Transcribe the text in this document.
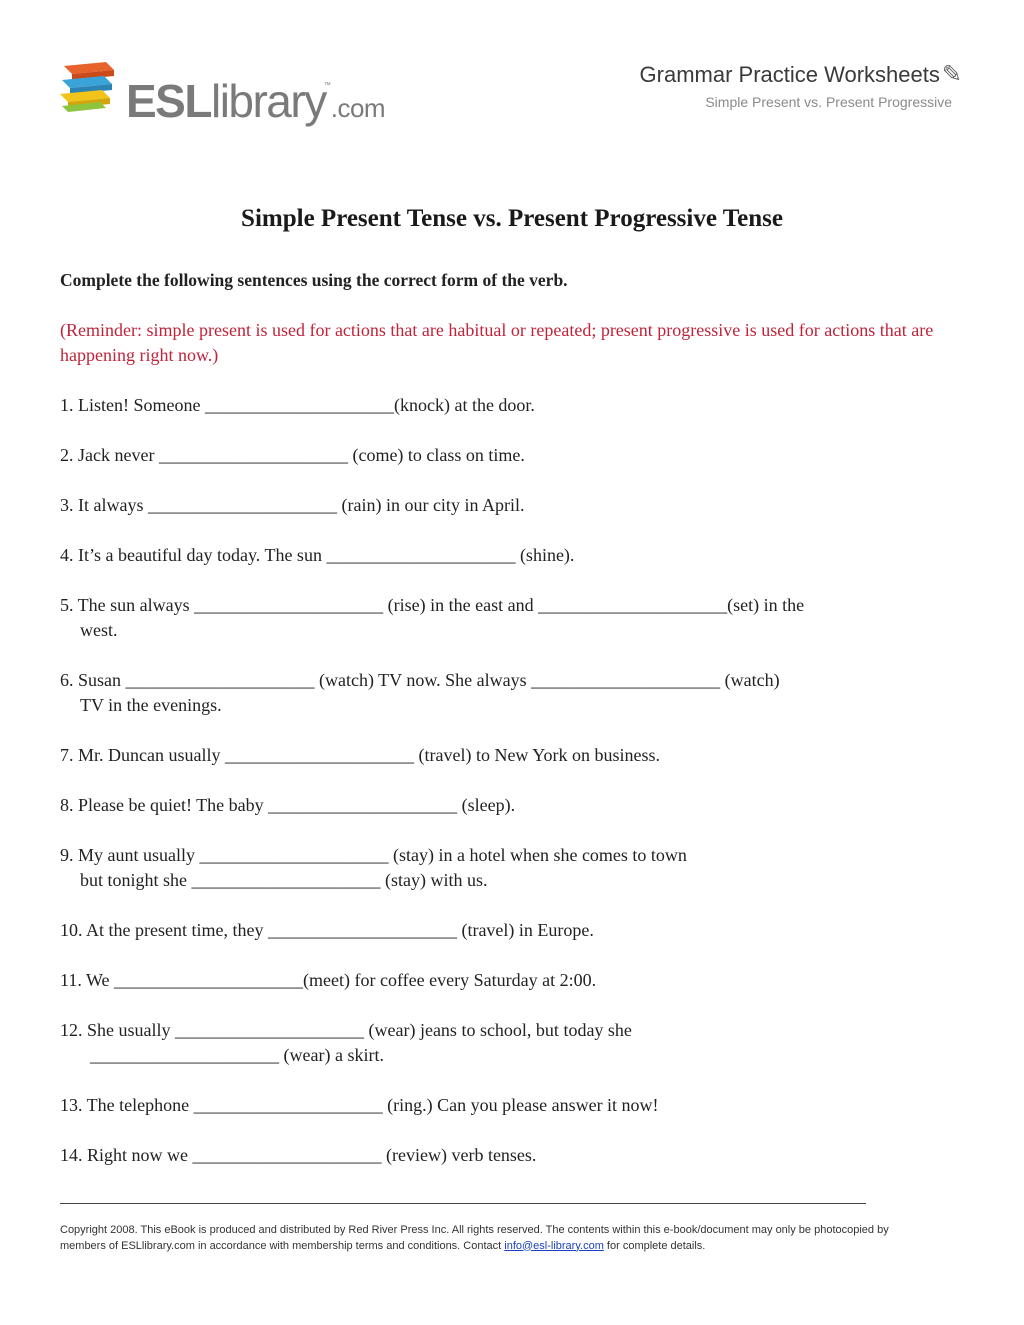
ESLlibrary™.com
Grammar Practice Worksheets✎
Simple Present vs. Present Progressive
Simple Present Tense vs. Present Progressive Tense

Complete the following sentences using the correct form of the verb.

(Reminder: simple present is used for actions that are habitual or repeated; present progressive is used for actions that are happening right now.)

1. Listen! Someone _____________________(knock) at the door.
2. Jack never _____________________ (come) to class on time.
3. It always _____________________ (rain) in our city in April.
4. It’s a beautiful day today. The sun _____________________ (shine).
5. The sun always _____________________ (rise) in the east and _____________________(set) in the
west.
6. Susan _____________________ (watch) TV now. She always _____________________ (watch)
TV in the evenings.
7. Mr. Duncan usually _____________________ (travel) to New York on business.
8. Please be quiet! The baby _____________________ (sleep).
9. My aunt usually _____________________ (stay) in a hotel when she comes to town
but tonight she _____________________ (stay) with us.
10. At the present time, they _____________________ (travel) in Europe.
11. We _____________________(meet) for coffee every Saturday at 2:00.
12. She usually _____________________ (wear) jeans to school, but today she
_____________________ (wear) a skirt.
13. The telephone _____________________ (ring.) Can you please answer it now!
14. Right now we _____________________ (review) verb tenses.
Copyright 2008. This eBook is produced and distributed by Red River Press Inc. All rights reserved. The contents within this e-book/document may only be photocopied by members of ESLlibrary.com in accordance with membership terms and conditions. Contact info@esl-library.com for complete details.
